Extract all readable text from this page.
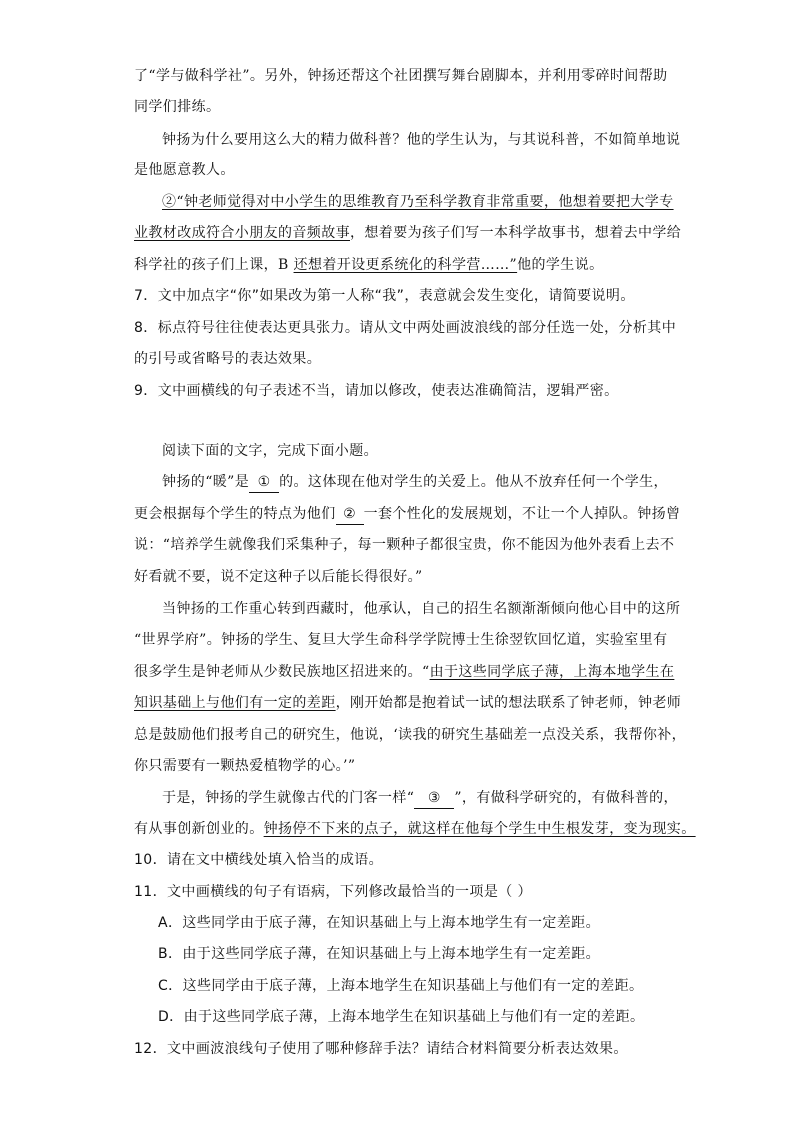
了“学与做科学社”。另外，钟扬还帮这个社团撰写舞台剧脚本，并利用零碎时间帮助
同学们排练。
钟扬为什么要用这么大的精力做科普？他的学生认为，与其说科普，不如简单地说
是他愿意教人。
②“钟老师觉得对中小学生的思维教育乃至科学教育非常重要，他想着要把大学专
业教材改成符合小朋友的音频故事，想着要为孩子们写一本科学故事书，想着去中学给
科学社的孩子们上课，B 还想着开设更系统化的科学营……”他的学生说。
7．文中加点字“你”如果改为第一人称“我”，表意就会发生变化，请简要说明。
8．标点符号往往使表达更具张力。请从文中两处画波浪线的部分任选一处，分析其中
的引号或省略号的表达效果。
9．文中画横线的句子表述不当，请加以修改，使表达准确简洁，逻辑严密。
阅读下面的文字，完成下面小题。
钟扬的“暖”是 ① 的。这体现在他对学生的关爱上。他从不放弃任何一个学生，
更会根据每个学生的特点为他们 ② 一套个性化的发展规划，不让一个人掉队。钟扬曾
说：“培养学生就像我们采集种子，每一颗种子都很宝贵，你不能因为他外表看上去不
好看就不要，说不定这种子以后能长得很好。”
当钟扬的工作重心转到西藏时，他承认，自己的招生名额渐渐倾向他心目中的这所
“世界学府”。钟扬的学生、复旦大学生命科学学院博士生徐翌钦回忆道，实验室里有
很多学生是钟老师从少数民族地区招进来的。“由于这些同学底子薄，上海本地学生在
知识基础上与他们有一定的差距，刚开始都是抱着试一试的想法联系了钟老师，钟老师
总是鼓励他们报考自己的研究生，他说，‘读我的研究生基础差一点没关系，我帮你补，
你只需要有一颗热爱植物学的心。’”
于是，钟扬的学生就像古代的门客一样“ ③ ”，有做科学研究的，有做科普的，
有从事创新创业的。钟扬停不下来的点子，就这样在他每个学生中生根发芽，变为现实。
10．请在文中横线处填入恰当的成语。
11．文中画横线的句子有语病，下列修改最恰当的一项是（ ）
A．这些同学由于底子薄，在知识基础上与上海本地学生有一定差距。
B．由于这些同学底子薄，在知识基础上与上海本地学生有一定差距。
C．这些同学由于底子薄，上海本地学生在知识基础上与他们有一定的差距。
D．由于这些同学底子薄，上海本地学生在知识基础上与他们有一定的差距。
12．文中画波浪线句子使用了哪种修辞手法？请结合材料简要分析表达效果。
